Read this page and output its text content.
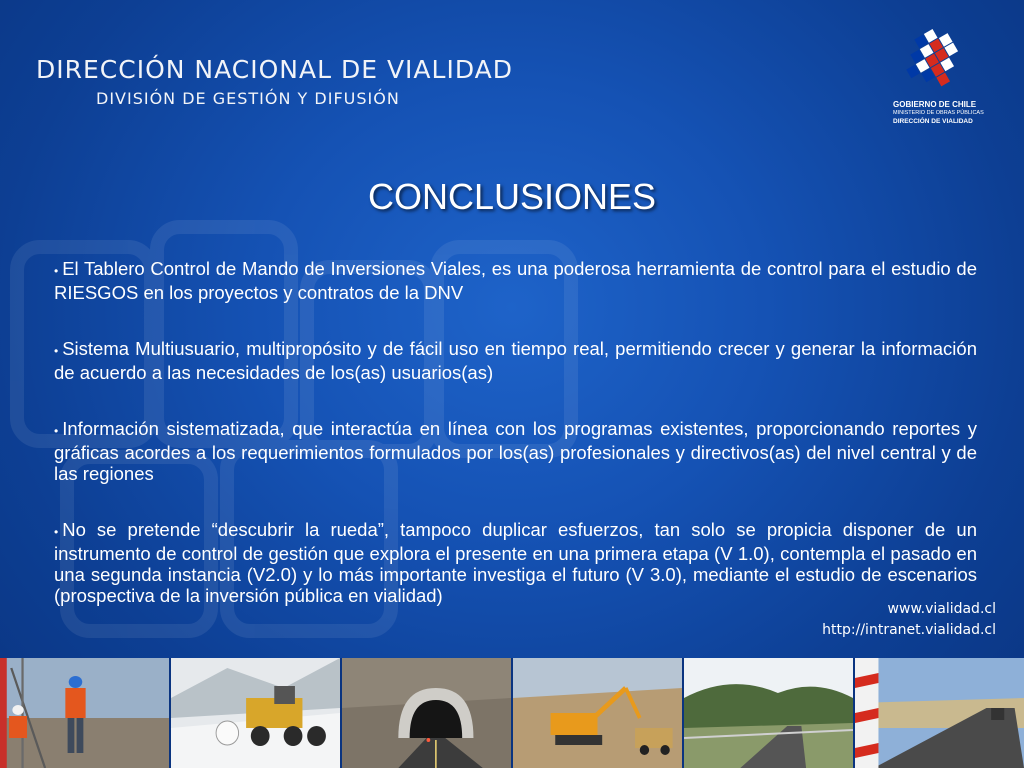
DIRECCIÓN NACIONAL DE VIALIDAD
DIVISIÓN DE GESTIÓN Y DIFUSIÓN	GOBIERNO DE CHILE
MINISTERIO DE OBRAS PÚBLICAS
DIRECCIÓN DE VIALIDAD
CONCLUSIONES
• El Tablero Control de Mando de Inversiones Viales, es una poderosa herramienta de control para el estudio de RIESGOS en los proyectos y contratos de la DNV
• Sistema Multiusuario, multipropósito y de fácil uso en tiempo real, permitiendo crecer y generar la información de acuerdo a las necesidades de los(as) usuarios(as)
• Información sistematizada, que interactúa en línea con los programas existentes, proporcionando reportes y gráficas acordes a los requerimientos formulados por los(as) profesionales y directivos(as) del nivel central y de las regiones
• No se pretende “descubrir la rueda”, tampoco duplicar esfuerzos, tan solo se propicia disponer de un instrumento de control de gestión que explora el presente en una primera etapa (V 1.0), contempla el pasado en una segunda instancia (V2.0) y lo más importante investiga el futuro (V 3.0), mediante el estudio de escenarios (prospectiva de la inversión pública en vialidad)
www.vialidad.cl
http://intranet.vialidad.cl
